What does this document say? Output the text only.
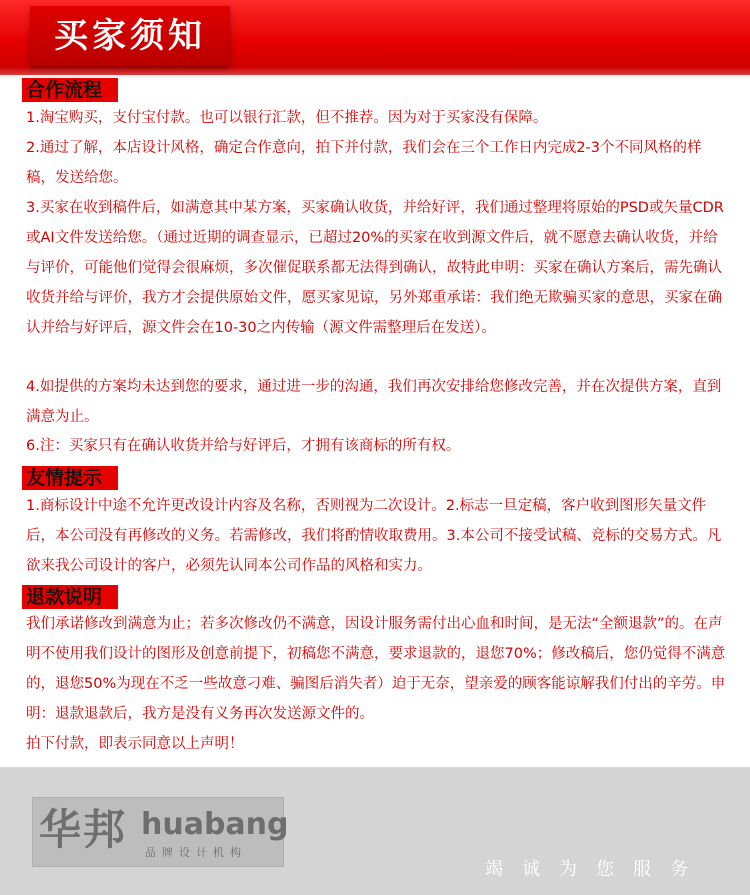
买家须知
合作流程
1.淘宝购买，支付宝付款。也可以银行汇款，但不推荐。因为对于买家没有保障。
2.通过了解，本店设计风格，确定合作意向，拍下并付款，我们会在三个工作日内完成2-3个不同风格的样稿，发送给您。
3.买家在收到稿件后，如满意其中某方案，买家确认收货，并给好评，我们通过整理将原始的PSD或矢量CDR或AI文件发送给您。（通过近期的调查显示，已超过20%的买家在收到源文件后，就不愿意去确认收货，并给与评价，可能他们觉得会很麻烦，多次催促联系都无法得到确认，故特此申明：买家在确认方案后，需先确认收货并给与评价，我方才会提供原始文件，愿买家见谅，另外郑重承诺：我们绝无欺骗买家的意思，买家在确认并给与好评后，源文件会在10-30之内传输（源文件需整理后在发送）。
4.如提供的方案均未达到您的要求，通过进一步的沟通，我们再次安排给您修改完善，并在次提供方案，直到满意为止。
6.注：买家只有在确认收货并给与好评后，才拥有该商标的所有权。
友情提示
1.商标设计中途不允许更改设计内容及名称，否则视为二次设计。2.标志一旦定稿，客户收到图形矢量文件后，本公司没有再修改的义务。若需修改，我们将酌情收取费用。3.本公司不接受试稿、竞标的交易方式。凡欲来我公司设计的客户，必须先认同本公司作品的风格和实力。
退款说明
我们承诺修改到满意为止；若多次修改仍不满意，因设计服务需付出心血和时间，是无法“全额退款”的。在声明不使用我们设计的图形及创意前提下，初稿您不满意，要求退款的，退您70%；修改稿后，您仍觉得不满意的，退您50%为现在不乏一些故意刁难、骗图后消失者）迫于无奈，望亲爱的顾客能谅解我们付出的辛劳。申明：退款退款后，我方是没有义务再次发送源文件的。
拍下付款，即表示同意以上声明！
华邦 huabang
品牌设计机构
竭诚为您服务
